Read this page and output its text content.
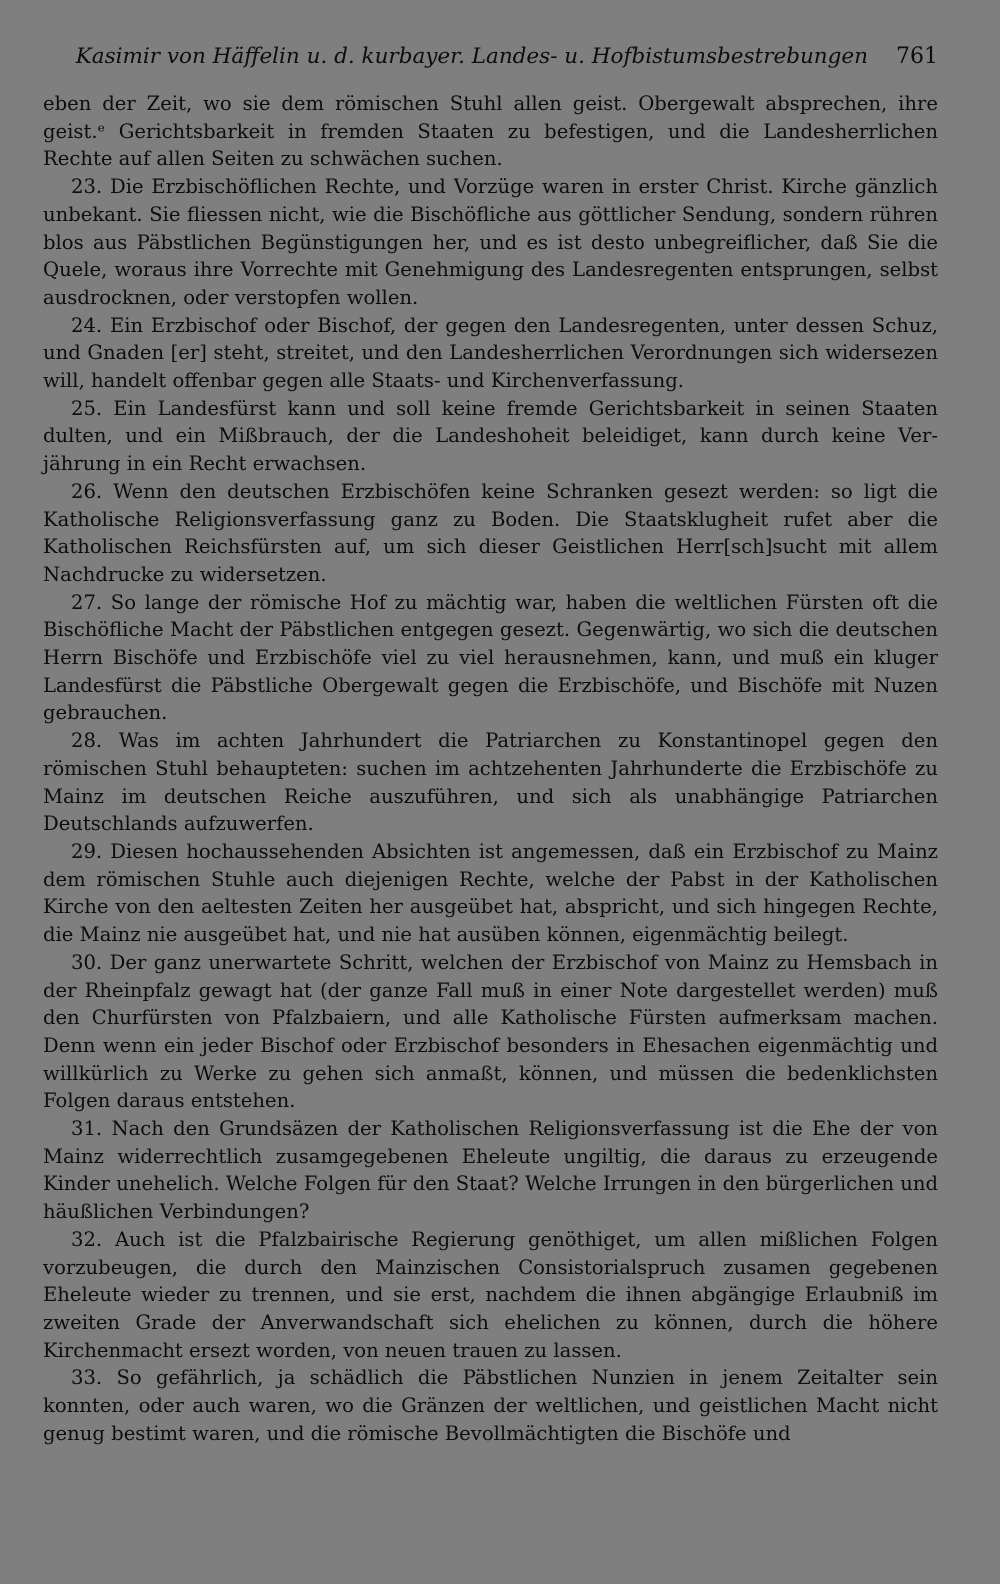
Kasimir von Häffelin u. d. kurbayer. Landes- u. Hofbistumsbestrebungen 761

eben der Zeit, wo sie dem römischen Stuhl allen geist. Obergewalt absprechen, ihre geist.ᵉ Gerichtsbarkeit in fremden Staaten zu befestigen, und die Landesherrlichen Rechte auf allen Seiten zu schwächen suchen.

23. Die Erzbischöflichen Rechte, und Vorzüge waren in erster Christ. Kirche gänzlich unbekant. Sie fliessen nicht, wie die Bischöfliche aus göttlicher Sendung, sondern rühren blos aus Päbstlichen Begünstigungen her, und es ist desto unbegreiflicher, daß Sie die Quele, woraus ihre Vorrechte mit Genehmigung des Landesregenten entsprungen, selbst ausdrocknen, oder verstopfen wollen.

24. Ein Erzbischof oder Bischof, der gegen den Landesregenten, unter dessen Schuz, und Gnaden [er] steht, streitet, und den Landesherrlichen Verordnungen sich widersezen will, handelt offenbar gegen alle Staats- und Kirchenverfassung.

25. Ein Landesfürst kann und soll keine fremde Gerichtsbarkeit in seinen Staaten dulten, und ein Mißbrauch, der die Landeshoheit beleidiget, kann durch keine Verjährung in ein Recht erwachsen.

26. Wenn den deutschen Erzbischöfen keine Schranken gesezt werden: so ligt die Katholische Religionsverfassung ganz zu Boden. Die Staatsklugheit rufet aber die Katholischen Reichsfürsten auf, um sich dieser Geistlichen Herr[sch]sucht mit allem Nachdrucke zu widersetzen.

27. So lange der römische Hof zu mächtig war, haben die weltlichen Fürsten oft die Bischöfliche Macht der Päbstlichen entgegen gesezt. Gegenwärtig, wo sich die deutschen Herrn Bischöfe und Erzbischöfe viel zu viel herausnehmen, kann, und muß ein kluger Landesfürst die Päbstliche Obergewalt gegen die Erzbischöfe, und Bischöfe mit Nuzen gebrauchen.

28. Was im achten Jahrhundert die Patriarchen zu Konstantinopel gegen den römischen Stuhl behaupteten: suchen im achtzehenten Jahrhunderte die Erzbischöfe zu Mainz im deutschen Reiche auszuführen, und sich als unabhängige Patriarchen Deutschlands aufzuwerfen.

29. Diesen hochaussehenden Absichten ist angemessen, daß ein Erzbischof zu Mainz dem römischen Stuhle auch diejenigen Rechte, welche der Pabst in der Katholischen Kirche von den aeltesten Zeiten her ausgeübet hat, abspricht, und sich hingegen Rechte, die Mainz nie ausgeübet hat, und nie hat ausüben können, eigenmächtig beilegt.

30. Der ganz unerwartete Schritt, welchen der Erzbischof von Mainz zu Hemsbach in der Rheinpfalz gewagt hat (der ganze Fall muß in einer Note dargestellet werden) muß den Churfürsten von Pfalzbaiern, und alle Katholische Fürsten aufmerksam machen. Denn wenn ein jeder Bischof oder Erzbischof besonders in Ehesachen eigenmächtig und willkürlich zu Werke zu gehen sich anmaßt, können, und müssen die bedenklichsten Folgen daraus entstehen.

31. Nach den Grundsäzen der Katholischen Religionsverfassung ist die Ehe der von Mainz widerrechtlich zusamgegebenen Eheleute ungiltig, die daraus zu erzeugende Kinder unehelich. Welche Folgen für den Staat? Welche Irrungen in den bürgerlichen und häußlichen Verbindungen?

32. Auch ist die Pfalzbairische Regierung genöthiget, um allen mißlichen Folgen vorzubeugen, die durch den Mainzischen Consistorialspruch zusamen gegebenen Eheleute wieder zu trennen, und sie erst, nachdem die ihnen abgängige Erlaubniß im zweiten Grade der Anverwandschaft sich ehelichen zu können, durch die höhere Kirchenmacht ersezt worden, von neuen trauen zu lassen.

33. So gefährlich, ja schädlich die Päbstlichen Nunzien in jenem Zeitalter sein konnten, oder auch waren, wo die Gränzen der weltlichen, und geistlichen Macht nicht genug bestimt waren, und die römische Bevollmächtigten die Bischöfe und
